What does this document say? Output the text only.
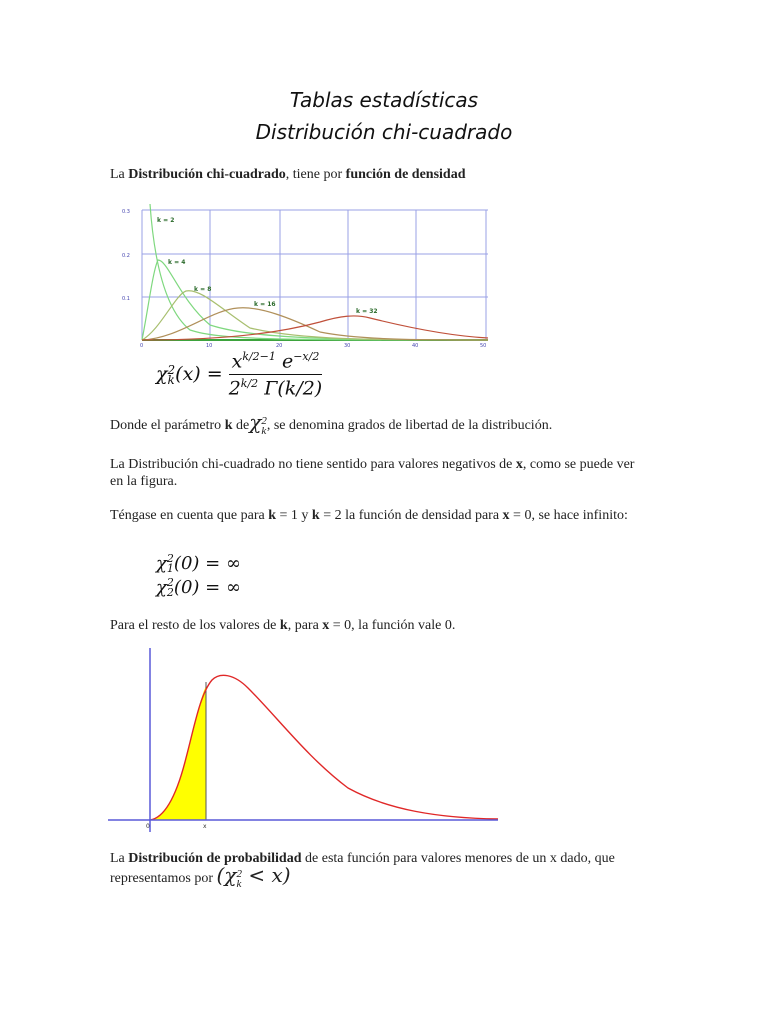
Tablas estadísticas
Distribución chi-cuadrado

La Distribución chi-cuadrado, tiene por función de densidad

0.3
0.2
0.1
0	10	20	30	40	50
k = 2
k = 4
k = 8
k = 16
k = 32
χ 2
k $(x) = \frac{x^{k/2-1} e^{-x/2}}{2^{k/2} \Gamma(k/2)}$

Donde el parámetro k deχ 2
k , se denomina grados de libertad de la distribución.

La Distribución chi-cuadrado no tiene sentido para valores negativos de x, como se puede ver en la figura.

Téngase en cuenta que para k = 1 y k = 2 la función de densidad para x = 0, se hace infinito:

χ 2
1 (0) = ∞
χ 2
2 (0) = ∞

Para el resto de los valores de k, para x = 0, la función vale 0.

0	x

La Distribución de probabilidad de esta función para valores menores de un x dado, que representamos por (χ 2
k < x)
